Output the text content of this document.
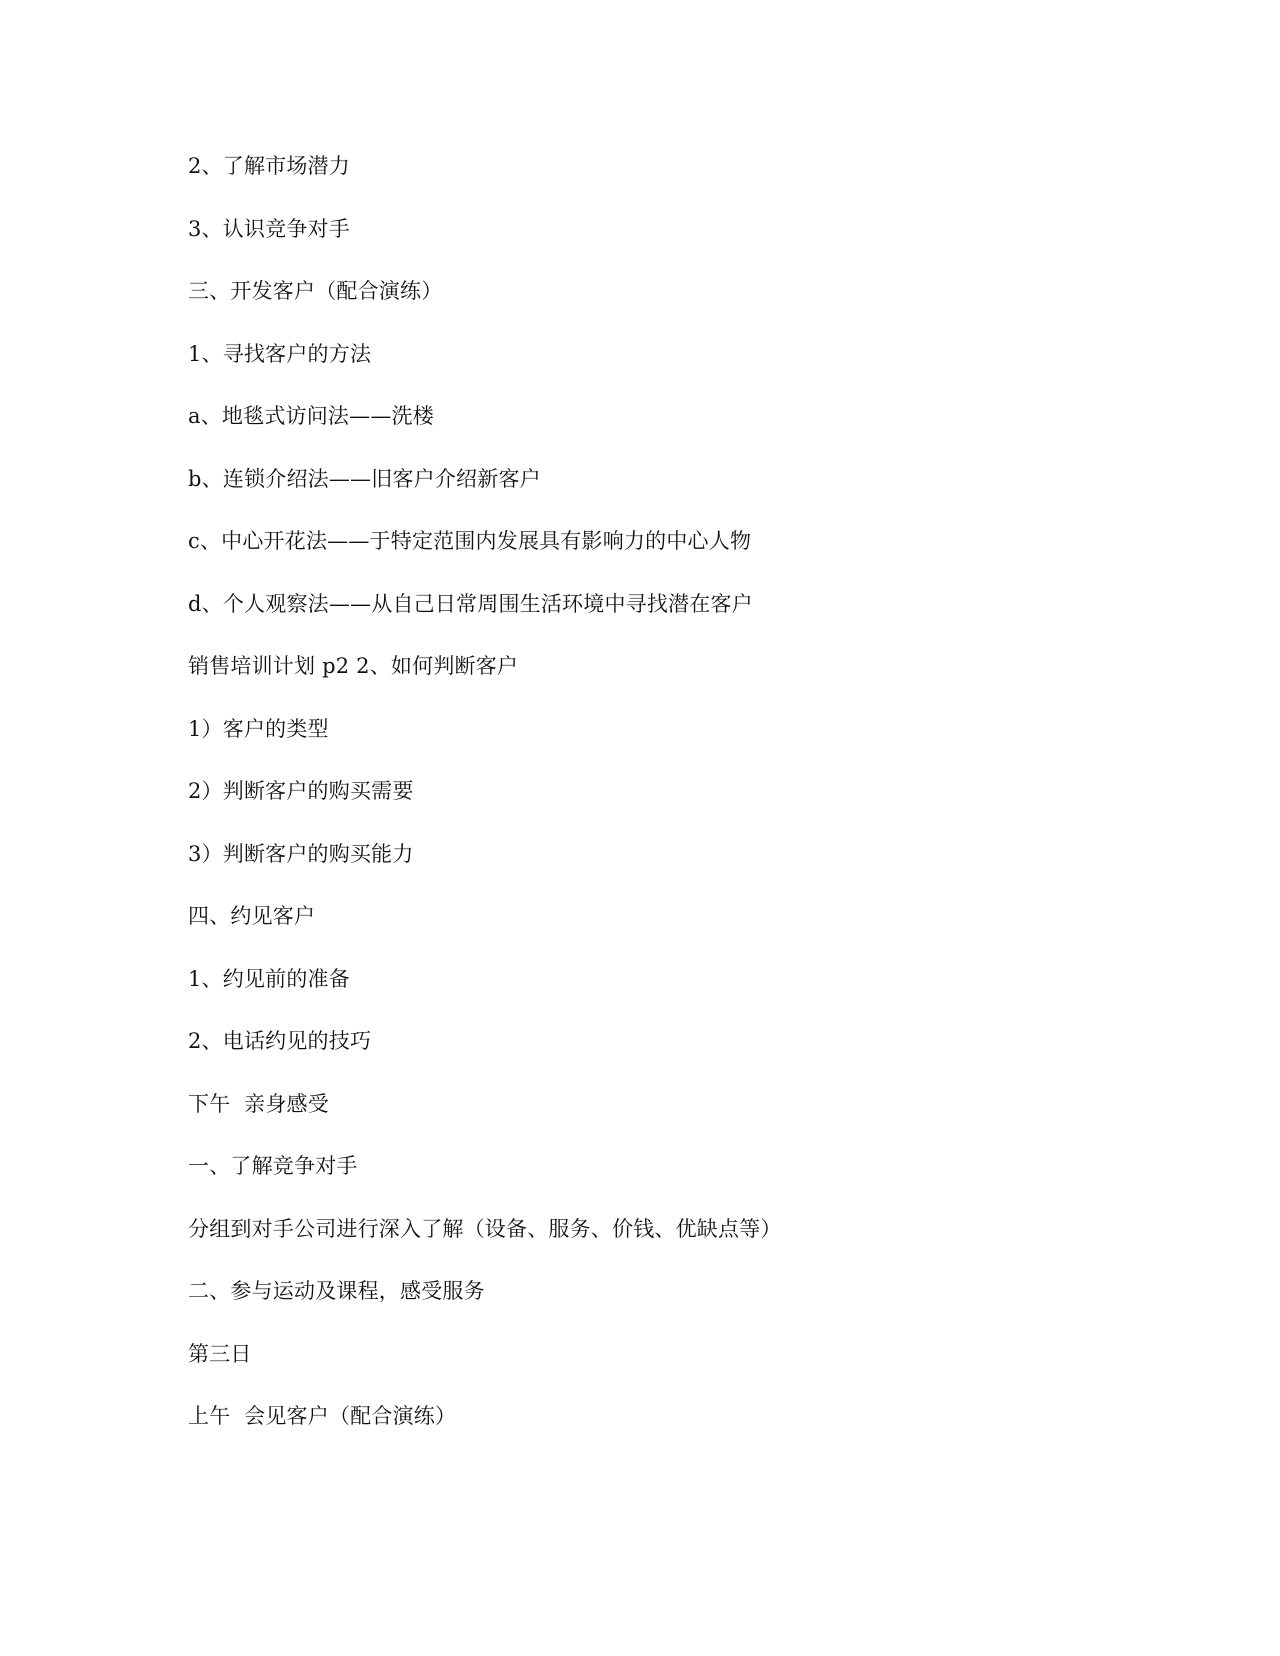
2、了解市场潜力
3、认识竞争对手
三、开发客户（配合演练）
1、寻找客户的方法
a、地毯式访问法——洗楼
b、连锁介绍法——旧客户介绍新客户
c、中心开花法——于特定范围内发展具有影响力的中心人物
d、个人观察法——从自己日常周围生活环境中寻找潜在客户
销售培训计划 p2 2、如何判断客户
1）客户的类型
2）判断客户的购买需要
3）判断客户的购买能力
四、约见客户
1、约见前的准备
2、电话约见的技巧
下午  亲身感受
一、了解竞争对手
分组到对手公司进行深入了解（设备、服务、价钱、优缺点等）
二、参与运动及课程，感受服务
第三日
上午  会见客户（配合演练）
